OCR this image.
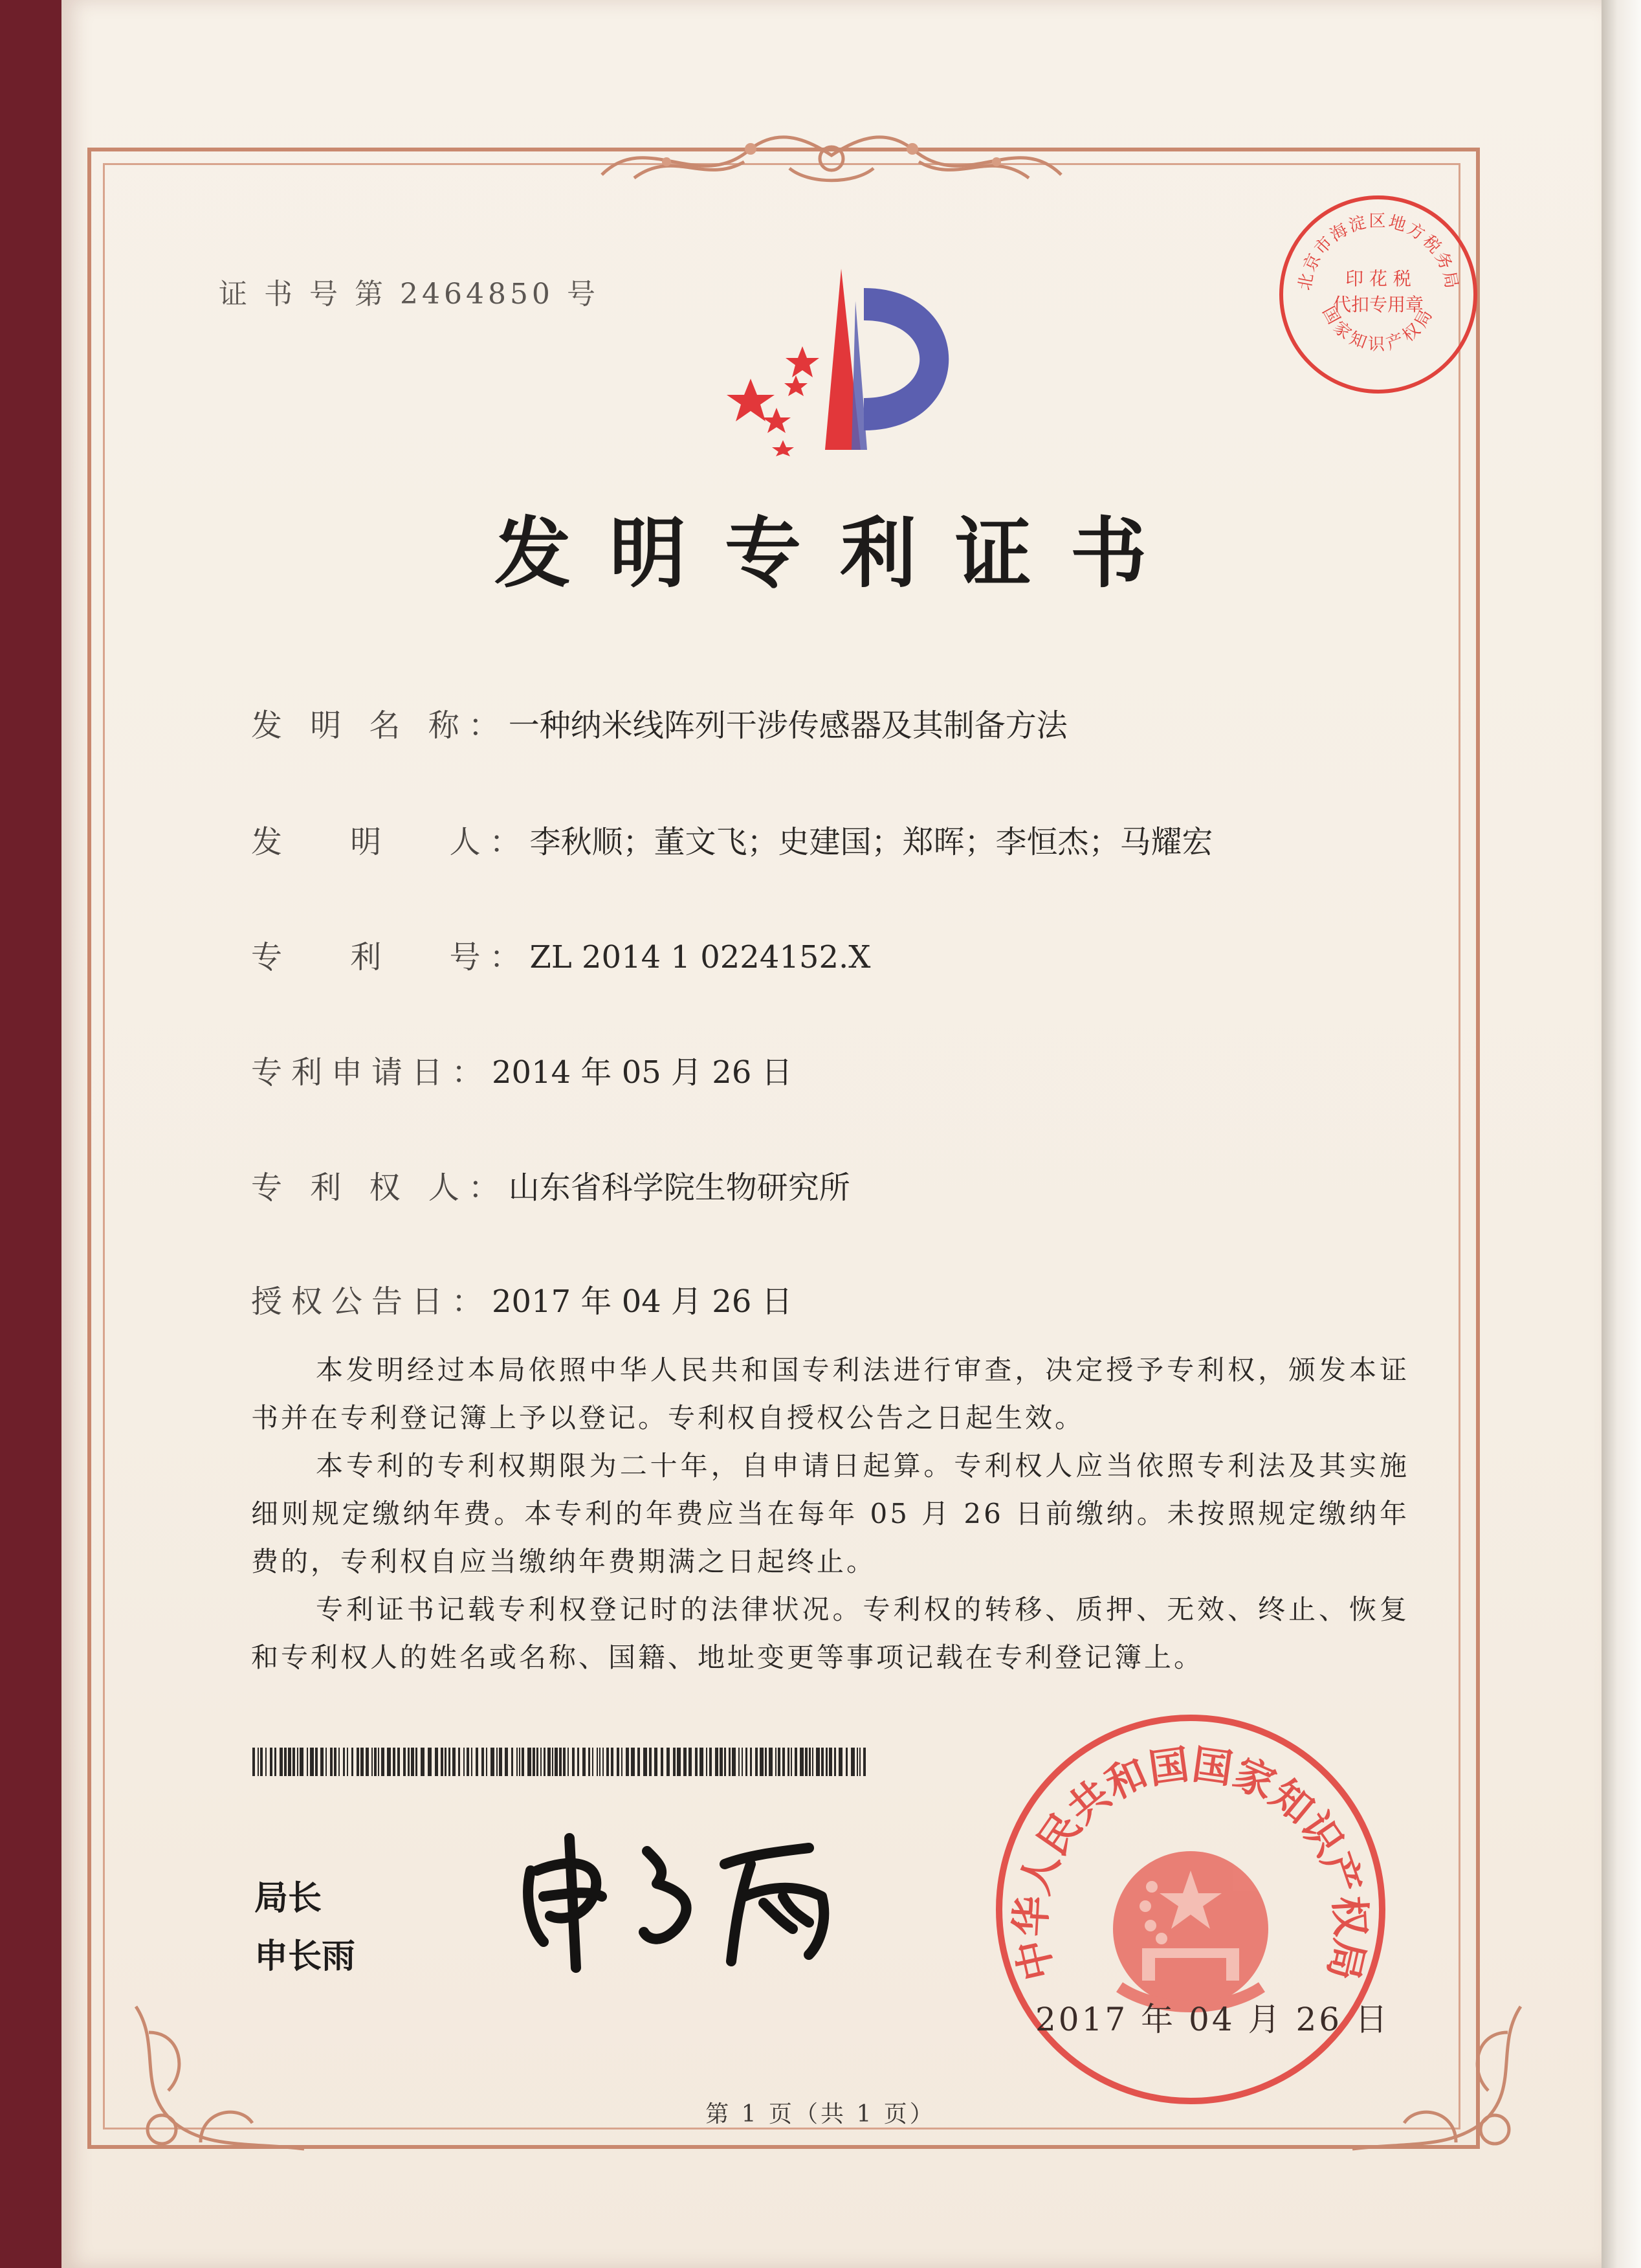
证 书 号 第 2464850 号	北京市海淀区地方税务局
国家知识产权局
印 花 税
代扣专用章
发明专利证书
发 明 名 称：一种纳米线阵列干涉传感器及其制备方法
发　 明　 人：李秋顺；董文飞；史建国；郑晖；李恒杰；马耀宏
专　 利　 号：ZL 2014 1 0224152.X
专利申请日：2014 年 05 月 26 日
专 利 权 人：山东省科学院生物研究所
授权公告日：2017 年 04 月 26 日

本发明经过本局依照中华人民共和国专利法进行审查，决定授予专利权，颁发本证书并在专利登记簿上予以登记。专利权自授权公告之日起生效。

本专利的专利权期限为二十年，自申请日起算。专利权人应当依照专利法及其实施细则规定缴纳年费。本专利的年费应当在每年 05 月 26 日前缴纳。未按照规定缴纳年费的，专利权自应当缴纳年费期满之日起终止。

专利证书记载专利权登记时的法律状况。专利权的转移、质押、无效、终止、恢复和专利权人的姓名或名称、国籍、地址变更等事项记载在专利登记簿上。

局长
申长雨	中华人民共和国国家知识产权局
2017 年 04 月 26 日
第 1 页（共 1 页）
